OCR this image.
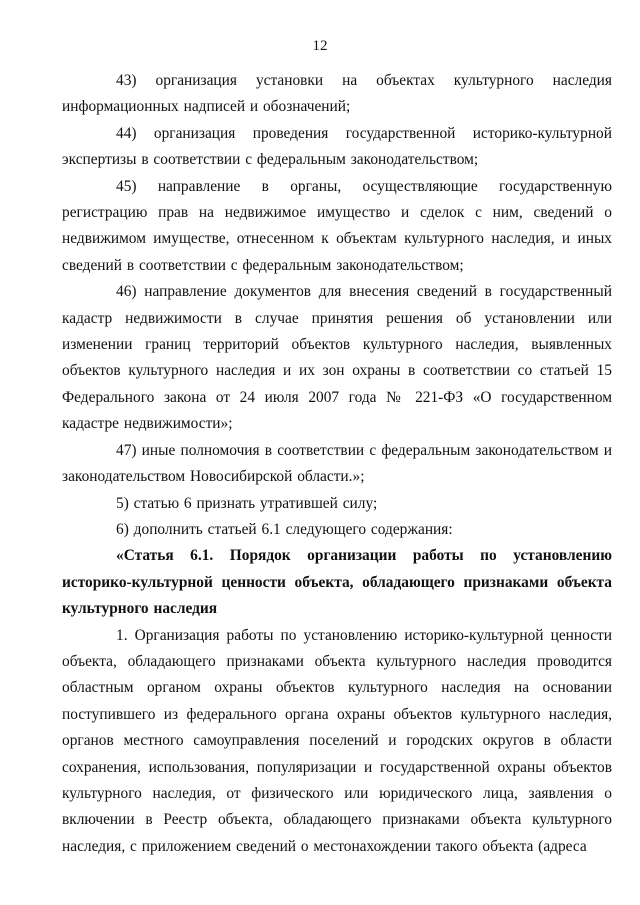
12

43) организация установки на объектах культурного наследия информационных надписей и обозначений;

44) организация проведения государственной историко-культурной экспертизы в соответствии с федеральным законодательством;

45) направление в органы, осуществляющие государственную регистрацию прав на недвижимое имущество и сделок с ним, сведений о недвижимом имуществе, отнесенном к объектам культурного наследия, и иных сведений в соответствии с федеральным законодательством;

46) направление документов для внесения сведений в государственный кадастр недвижимости в случае принятия решения об установлении или изменении границ территорий объектов культурного наследия, выявленных объектов культурного наследия и их зон охраны в соответствии со статьей 15 Федерального закона от 24 июля 2007 года № 221-ФЗ «О государственном кадастре недвижимости»;

47) иные полномочия в соответствии с федеральным законодательством и законодательством Новосибирской области.»;

5) статью 6 признать утратившей силу;

6) дополнить статьей 6.1 следующего содержания:

«Статья 6.1. Порядок организации работы по установлению историко-культурной ценности объекта, обладающего признаками объекта культурного наследия

1. Организация работы по установлению историко-культурной ценности объекта, обладающего признаками объекта культурного наследия проводится областным органом охраны объектов культурного наследия на основании поступившего из федерального органа охраны объектов культурного наследия, органов местного самоуправления поселений и городских округов в области сохранения, использования, популяризации и государственной охраны объектов культурного наследия, от физического или юридического лица, заявления о включении в Реестр объекта, обладающего признаками объекта культурного наследия, с приложением сведений о местонахождении такого объекта (адреса
